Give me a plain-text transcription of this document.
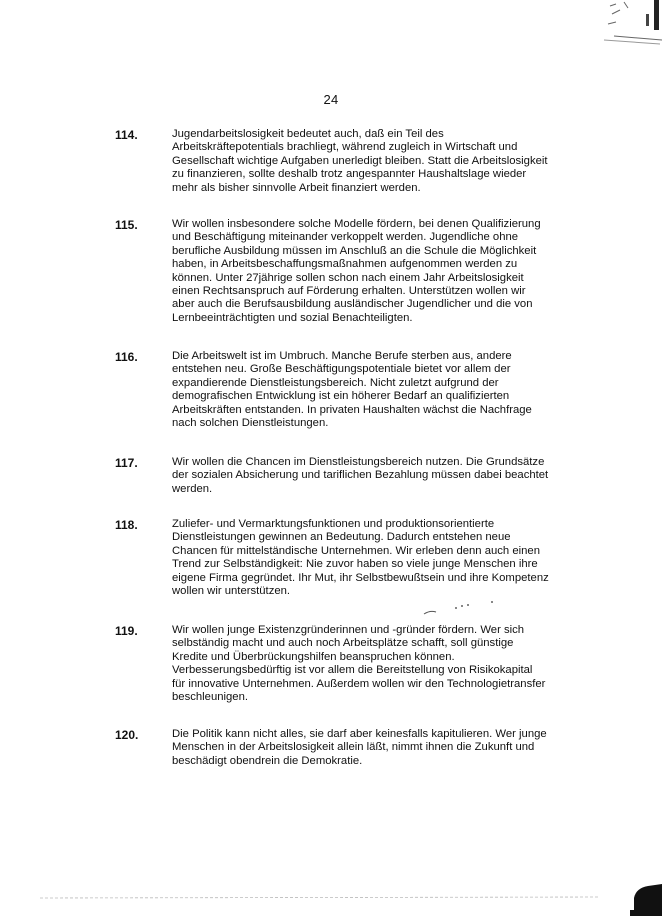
24
114.	Jugendarbeitslosigkeit bedeutet auch, daß ein Teil des
Arbeitskräftepotentials brachliegt, während zugleich in Wirtschaft und
Gesellschaft wichtige Aufgaben unerledigt bleiben. Statt die Arbeitslosigkeit
zu finanzieren, sollte deshalb trotz angespannter Haushaltslage wieder
mehr als bisher sinnvolle Arbeit finanziert werden.
115.	Wir wollen insbesondere solche Modelle fördern, bei denen Qualifizierung
und Beschäftigung miteinander verkoppelt werden. Jugendliche ohne
berufliche Ausbildung müssen im Anschluß an die Schule die Möglichkeit
haben, in Arbeitsbeschaffungsmaßnahmen aufgenommen werden zu
können. Unter 27jährige sollen schon nach einem Jahr Arbeitslosigkeit
einen Rechtsanspruch auf Förderung erhalten. Unterstützen wollen wir
aber auch die Berufsausbildung ausländischer Jugendlicher und die von
Lernbeeinträchtigten und sozial Benachteiligten.
116.	Die Arbeitswelt ist im Umbruch. Manche Berufe sterben aus, andere
entstehen neu. Große Beschäftigungspotentiale bietet vor allem der
expandierende Dienstleistungsbereich. Nicht zuletzt aufgrund der
demografischen Entwicklung ist ein höherer Bedarf an qualifizierten
Arbeitskräften entstanden. In privaten Haushalten wächst die Nachfrage
nach solchen Dienstleistungen.
117.	Wir wollen die Chancen im Dienstleistungsbereich nutzen. Die Grundsätze
der sozialen Absicherung und tariflichen Bezahlung müssen dabei beachtet
werden.
118.	Zuliefer- und Vermarktungsfunktionen und produktionsorientierte
Dienstleistungen gewinnen an Bedeutung. Dadurch entstehen neue
Chancen für mittelständische Unternehmen. Wir erleben denn auch einen
Trend zur Selbständigkeit: Nie zuvor haben so viele junge Menschen ihre
eigene Firma gegründet. Ihr Mut, ihr Selbstbewußtsein und ihre Kompetenz
wollen wir unterstützen.
119.	Wir wollen junge Existenzgründerinnen und -gründer fördern. Wer sich
selbständig macht und auch noch Arbeitsplätze schafft, soll günstige
Kredite und Überbrückungshilfen beanspruchen können.
Verbesserungsbedürftig ist vor allem die Bereitstellung von Risikokapital
für innovative Unternehmen. Außerdem wollen wir den Technologietransfer
beschleunigen.
120.	Die Politik kann nicht alles, sie darf aber keinesfalls kapitulieren. Wer junge
Menschen in der Arbeitslosigkeit allein läßt, nimmt ihnen die Zukunft und
beschädigt obendrein die Demokratie.
